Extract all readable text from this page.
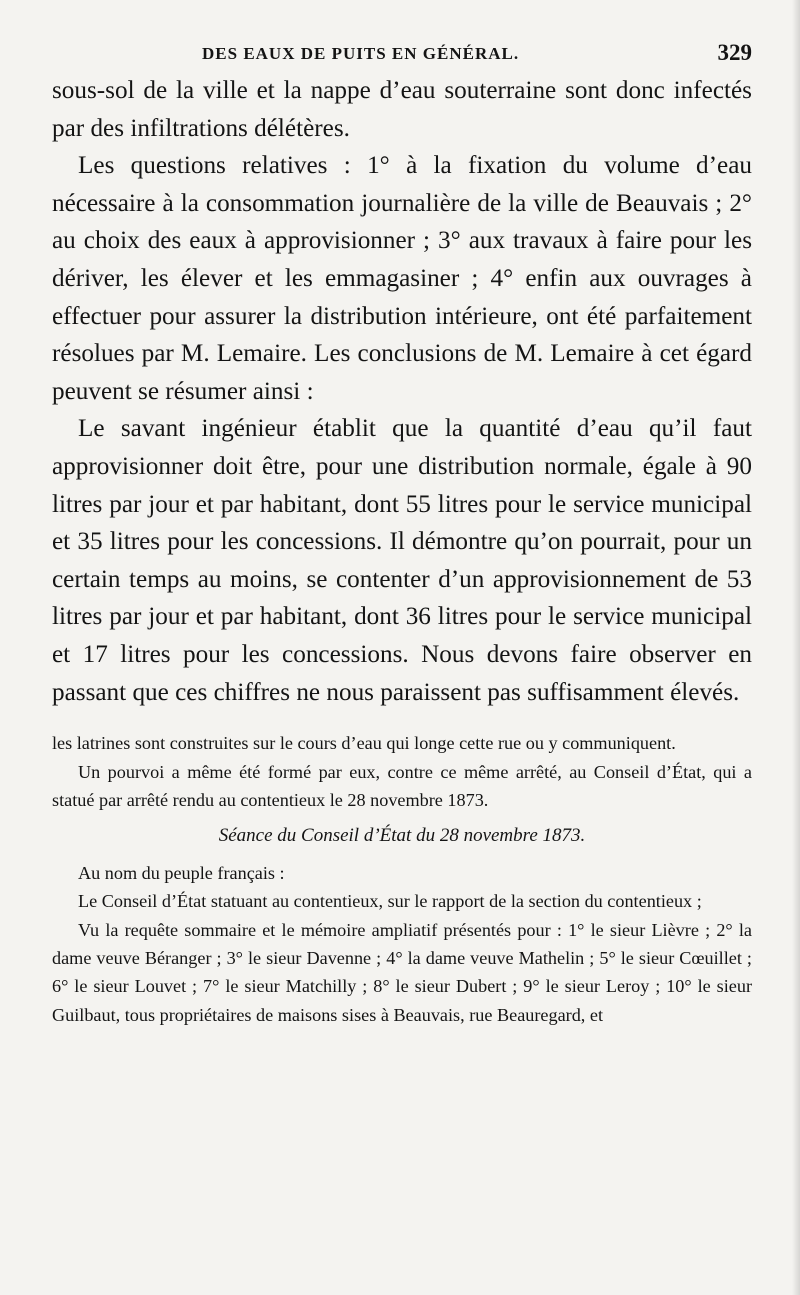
DES EAUX DE PUITS EN GÉNÉRAL.	329

sous-sol de la ville et la nappe d’eau souterraine sont donc infectés par des infiltrations délétères.

Les questions relatives : 1° à la fixation du volume d’eau nécessaire à la consommation journalière de la ville de Beauvais ; 2° au choix des eaux à approvisionner ; 3° aux travaux à faire pour les dériver, les élever et les emmagasiner ; 4° enfin aux ouvrages à effectuer pour assurer la distribution intérieure, ont été parfaitement résolues par M. Lemaire. Les conclusions de M. Lemaire à cet égard peuvent se résumer ainsi :

Le savant ingénieur établit que la quantité d’eau qu’il faut approvisionner doit être, pour une distribution normale, égale à 90 litres par jour et par habitant, dont 55 litres pour le service municipal et 35 litres pour les concessions. Il démontre qu’on pourrait, pour un certain temps au moins, se contenter d’un approvisionnement de 53 litres par jour et par habitant, dont 36 litres pour le service municipal et 17 litres pour les concessions. Nous devons faire observer en passant que ces chiffres ne nous paraissent pas suffisamment élevés.

les latrines sont construites sur le cours d’eau qui longe cette rue ou y communiquent.

Un pourvoi a même été formé par eux, contre ce même arrêté, au Conseil d’État, qui a statué par arrêté rendu au contentieux le 28 novembre 1873.

Séance du Conseil d’État du 28 novembre 1873.

Au nom du peuple français :

Le Conseil d’État statuant au contentieux, sur le rapport de la section du contentieux ;

Vu la requête sommaire et le mémoire ampliatif présentés pour : 1° le sieur Lièvre ; 2° la dame veuve Béranger ; 3° le sieur Davenne ; 4° la dame veuve Mathelin ; 5° le sieur Cœuillet ; 6° le sieur Louvet ; 7° le sieur Matchilly ; 8° le sieur Dubert ; 9° le sieur Leroy ; 10° le sieur Guilbaut, tous propriétaires de maisons sises à Beauvais, rue Beauregard, et
